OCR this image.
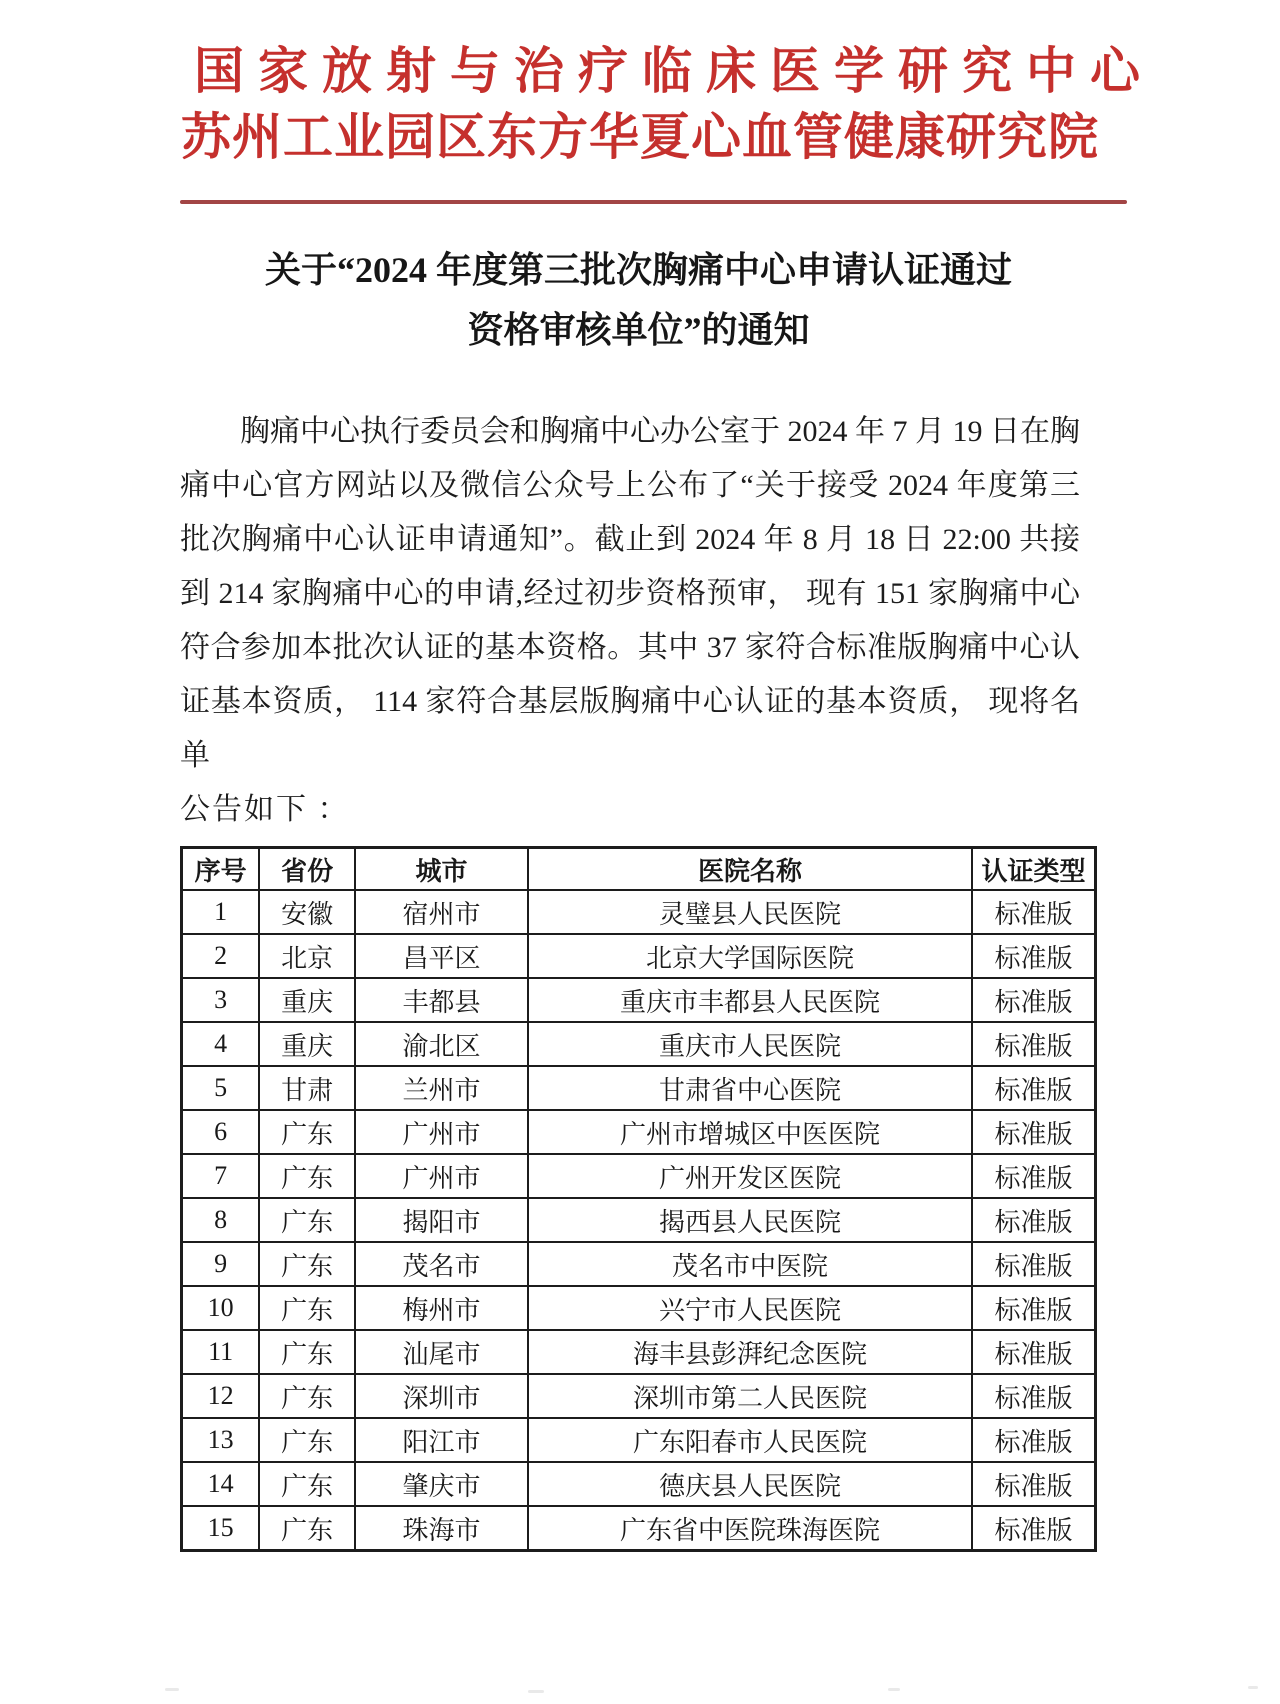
国家放射与治疗临床医学研究中心
苏州工业园区东方华夏心血管健康研究院
关于“2024 年度第三批次胸痛中心申请认证通过
资格审核单位”的通知
胸痛中心执行委员会和胸痛中心办公室于 2024 年 7 月 19 日在胸
痛中心官方网站以及微信公众号上公布了“关于接受 2024 年度第三
批次胸痛中心认证申请通知”。截止到 2024 年 8 月 18 日 22:00 共接
到 214 家胸痛中心的申请,经过初步资格预审， 现有 151 家胸痛中心
符合参加本批次认证的基本资格。其中 37 家符合标准版胸痛中心认
证基本资质， 114 家符合基层版胸痛中心认证的基本资质， 现将名单
公告如下 ：
序号	省份	城市	医院名称	认证类型
1	安徽	宿州市	灵璧县人民医院	标准版
2	北京	昌平区	北京大学国际医院	标准版
3	重庆	丰都县	重庆市丰都县人民医院	标准版
4	重庆	渝北区	重庆市人民医院	标准版
5	甘肃	兰州市	甘肃省中心医院	标准版
6	广东	广州市	广州市增城区中医医院	标准版
7	广东	广州市	广州开发区医院	标准版
8	广东	揭阳市	揭西县人民医院	标准版
9	广东	茂名市	茂名市中医院	标准版
10	广东	梅州市	兴宁市人民医院	标准版
11	广东	汕尾市	海丰县彭湃纪念医院	标准版
12	广东	深圳市	深圳市第二人民医院	标准版
13	广东	阳江市	广东阳春市人民医院	标准版
14	广东	肇庆市	德庆县人民医院	标准版
15	广东	珠海市	广东省中医院珠海医院	标准版
